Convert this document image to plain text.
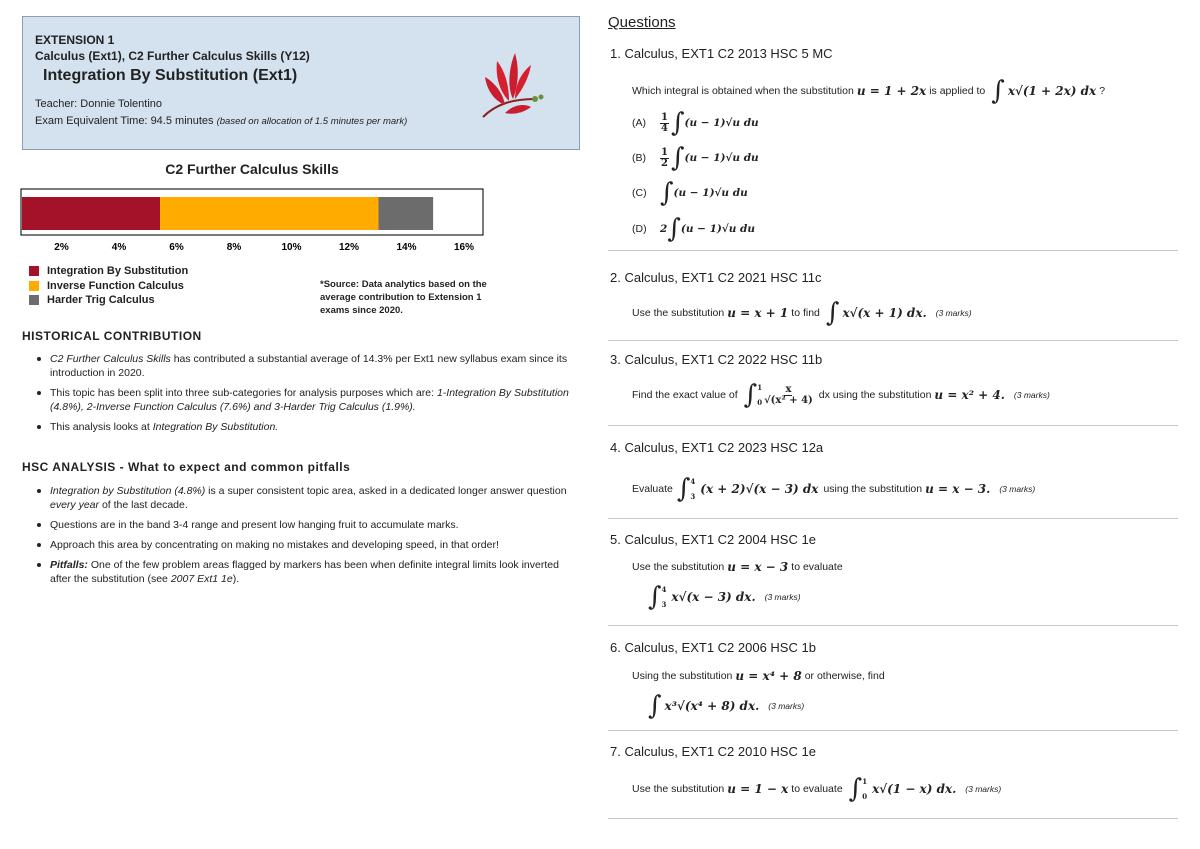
EXTENSION 1
Calculus (Ext1), C2 Further Calculus Skills (Y12)
Integration By Substitution (Ext1)
Teacher: Donnie Tolentino
Exam Equivalent Time: 94.5 minutes (based on allocation of 1.5 minutes per mark)
C2 Further Calculus Skills
2%	4%	6%	8%	10%	12%	14%	16%
Integration By Substitution
Inverse Function Calculus
Harder Trig Calculus
*Source: Data analytics based on the average contribution to Extension 1 exams since 2020.
HISTORICAL CONTRIBUTION
C2 Further Calculus Skills has contributed a substantial average of 14.3% per Ext1 new syllabus exam since its introduction in 2020.
This topic has been split into three sub-categories for analysis purposes which are: 1-Integration By Substitution (4.8%), 2-Inverse Function Calculus (7.6%) and 3-Harder Trig Calculus (1.9%).
This analysis looks at Integration By Substitution.
HSC ANALYSIS - What to expect and common pitfalls
Integration by Substitution (4.8%) is a super consistent topic area, asked in a dedicated longer answer question every year of the last decade.
Questions are in the band 3-4 range and present low hanging fruit to accumulate marks.
Approach this area by concentrating on making no mistakes and developing speed, in that order!
Pitfalls: One of the few problem areas flagged by markers has been when definite integral limits look inverted after the substitution (see 2007 Ext1 1e).
Questions
1. Calculus, EXT1 C2 2013 HSC 5 MC
Which integral is obtained when the substitution u = 1 + 2x is applied to ∫ x√(1 + 2x) dx ?
(A)	$\frac{1}{4}$ ∫ (u − 1)√u du
(B)	$\frac{1}{2}$ ∫ (u − 1)√u du
(C) ∫ (u − 1)√u du
(D)	2 ∫ (u − 1)√u du
2. Calculus, EXT1 C2 2021 HSC 11c
Use the substitution u = x + 1 to find ∫ x√(x + 1) dx. (3 marks)
3. Calculus, EXT1 C2 2022 HSC 11b
Find the exact value of ∫ 1
$0 \frac{x}{\text{√(x² + 4)}}$ dx using the substitution u = x² + 4. (3 marks)
4. Calculus, EXT1 C2 2023 HSC 12a
Evaluate ∫ 4
3
(x + 2)√(x − 3) dx using the substitution u = x − 3. (3 marks)
5. Calculus, EXT1 C2 2004 HSC 1e
Use the substitution u = x − 3 to evaluate
∫ 4
3
x√(x − 3) dx. (3 marks)
6. Calculus, EXT1 C2 2006 HSC 1b
Using the substitution u = x⁴ + 8 or otherwise, find
∫ x³√(x⁴ + 8) dx. (3 marks)
7. Calculus, EXT1 C2 2010 HSC 1e
Use the substitution u = 1 − x to evaluate ∫ 1
0
x√(1 − x) dx. (3 marks)
